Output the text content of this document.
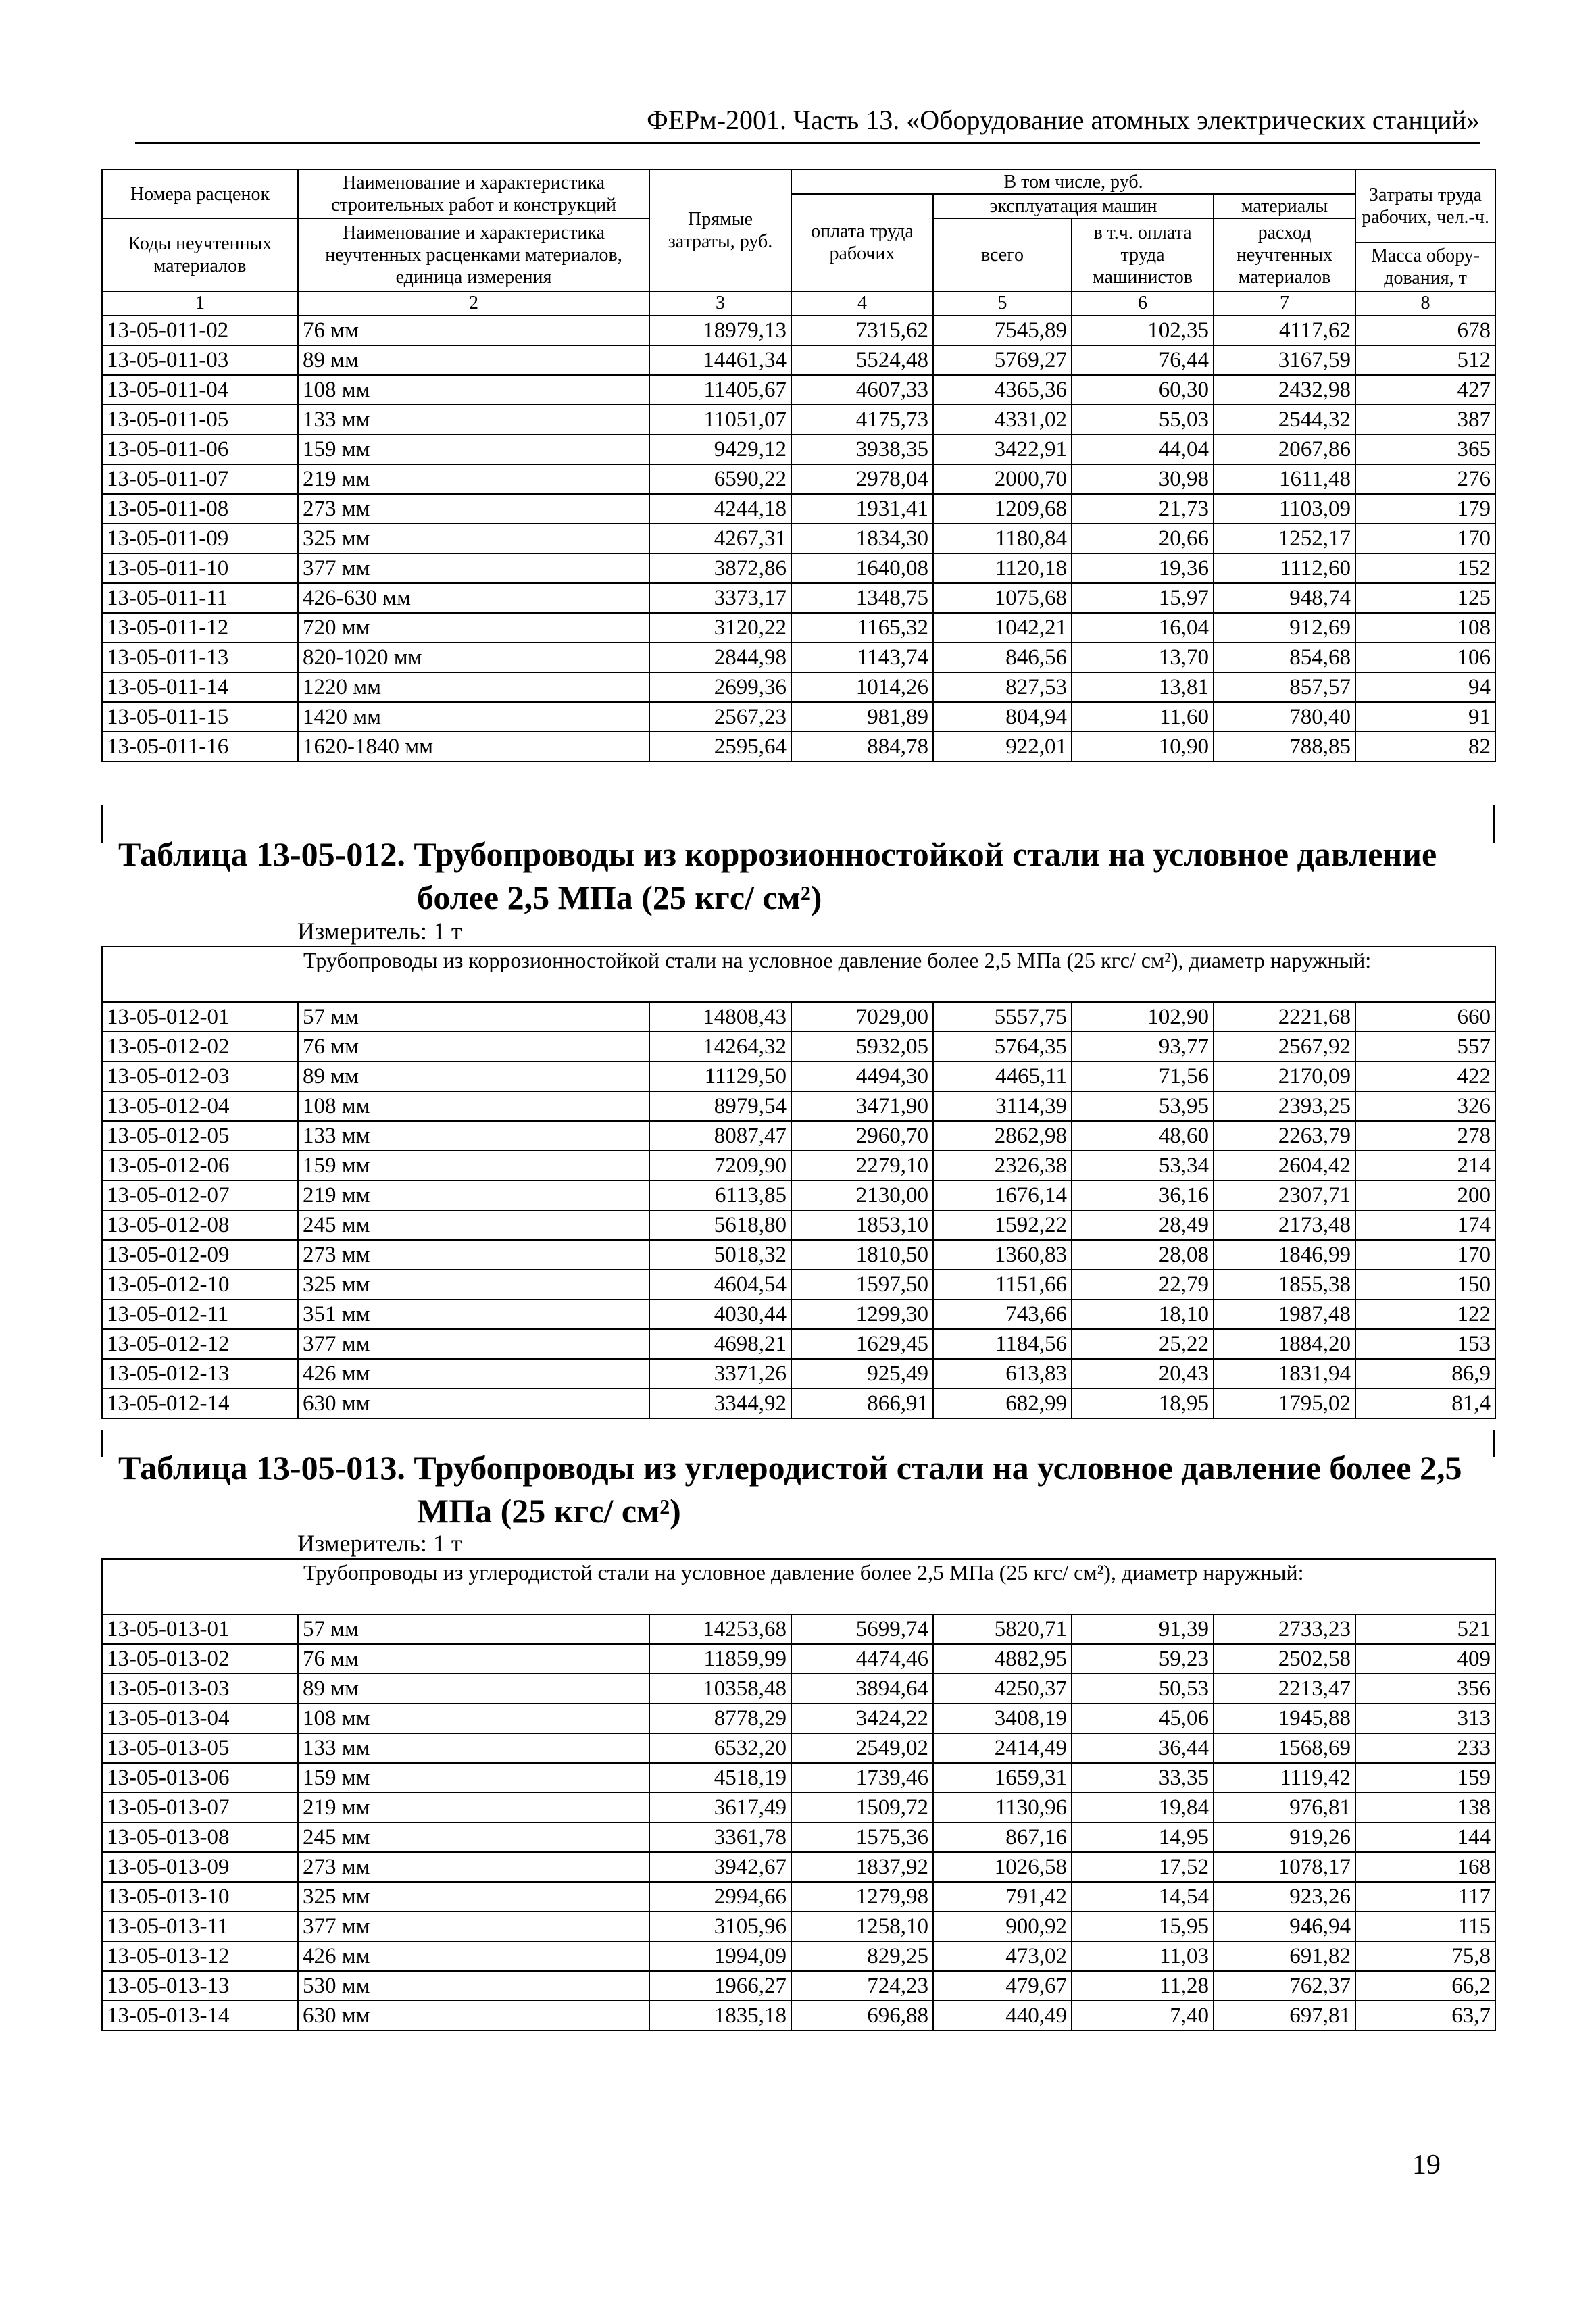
ФЕРм-2001. Часть 13. «Оборудование атомных электрических станций»
Номера расценок	Наименование и характеристика строительных работ и конструкций	Прямые затраты, руб.	В том числе, руб.				Затраты труда рабочих, чел.-ч.
			оплата труда рабочих	эксплуатация машин		материалы	
Коды неучтенных материалов	Наименование и характеристика неучтенных расценками материалов, единица измерения			всего	в т.ч. оплата труда машинистов	расход неучтенных материалов	
							Масса обору-дования, т
1	2	3	4	5	6	7	8
13-05-011-02	76 мм	18979,13	7315,62	7545,89	102,35	4117,62	678
13-05-011-03	89 мм	14461,34	5524,48	5769,27	76,44	3167,59	512
13-05-011-04	108 мм	11405,67	4607,33	4365,36	60,30	2432,98	427
13-05-011-05	133 мм	11051,07	4175,73	4331,02	55,03	2544,32	387
13-05-011-06	159 мм	9429,12	3938,35	3422,91	44,04	2067,86	365
13-05-011-07	219 мм	6590,22	2978,04	2000,70	30,98	1611,48	276
13-05-011-08	273 мм	4244,18	1931,41	1209,68	21,73	1103,09	179
13-05-011-09	325 мм	4267,31	1834,30	1180,84	20,66	1252,17	170
13-05-011-10	377 мм	3872,86	1640,08	1120,18	19,36	1112,60	152
13-05-011-11	426-630 мм	3373,17	1348,75	1075,68	15,97	948,74	125
13-05-011-12	720 мм	3120,22	1165,32	1042,21	16,04	912,69	108
13-05-011-13	820-1020 мм	2844,98	1143,74	846,56	13,70	854,68	106
13-05-011-14	1220 мм	2699,36	1014,26	827,53	13,81	857,57	94
13-05-011-15	1420 мм	2567,23	981,89	804,94	11,60	780,40	91
13-05-011-16	1620-1840 мм	2595,64	884,78	922,01	10,90	788,85	82
Таблица 13-05-012. Трубопроводы из коррозионностойкой стали на условное давление
более 2,5 МПа (25 кгс/ см²)
Измеритель: 1 т
	Трубопроводы из коррозионностойкой стали на условное давление более 2,5 МПа (25 кгс/ см²), диаметр наружный:						
13-05-012-01	57 мм	14808,43	7029,00	5557,75	102,90	2221,68	660
13-05-012-02	76 мм	14264,32	5932,05	5764,35	93,77	2567,92	557
13-05-012-03	89 мм	11129,50	4494,30	4465,11	71,56	2170,09	422
13-05-012-04	108 мм	8979,54	3471,90	3114,39	53,95	2393,25	326
13-05-012-05	133 мм	8087,47	2960,70	2862,98	48,60	2263,79	278
13-05-012-06	159 мм	7209,90	2279,10	2326,38	53,34	2604,42	214
13-05-012-07	219 мм	6113,85	2130,00	1676,14	36,16	2307,71	200
13-05-012-08	245 мм	5618,80	1853,10	1592,22	28,49	2173,48	174
13-05-012-09	273 мм	5018,32	1810,50	1360,83	28,08	1846,99	170
13-05-012-10	325 мм	4604,54	1597,50	1151,66	22,79	1855,38	150
13-05-012-11	351 мм	4030,44	1299,30	743,66	18,10	1987,48	122
13-05-012-12	377 мм	4698,21	1629,45	1184,56	25,22	1884,20	153
13-05-012-13	426 мм	3371,26	925,49	613,83	20,43	1831,94	86,9
13-05-012-14	630 мм	3344,92	866,91	682,99	18,95	1795,02	81,4
Таблица 13-05-013. Трубопроводы из углеродистой стали на условное давление более 2,5
МПа (25 кгс/ см²)
Измеритель: 1 т
	Трубопроводы из углеродистой стали на условное давление более 2,5 МПа (25 кгс/ см²), диаметр наружный:						
13-05-013-01	57 мм	14253,68	5699,74	5820,71	91,39	2733,23	521
13-05-013-02	76 мм	11859,99	4474,46	4882,95	59,23	2502,58	409
13-05-013-03	89 мм	10358,48	3894,64	4250,37	50,53	2213,47	356
13-05-013-04	108 мм	8778,29	3424,22	3408,19	45,06	1945,88	313
13-05-013-05	133 мм	6532,20	2549,02	2414,49	36,44	1568,69	233
13-05-013-06	159 мм	4518,19	1739,46	1659,31	33,35	1119,42	159
13-05-013-07	219 мм	3617,49	1509,72	1130,96	19,84	976,81	138
13-05-013-08	245 мм	3361,78	1575,36	867,16	14,95	919,26	144
13-05-013-09	273 мм	3942,67	1837,92	1026,58	17,52	1078,17	168
13-05-013-10	325 мм	2994,66	1279,98	791,42	14,54	923,26	117
13-05-013-11	377 мм	3105,96	1258,10	900,92	15,95	946,94	115
13-05-013-12	426 мм	1994,09	829,25	473,02	11,03	691,82	75,8
13-05-013-13	530 мм	1966,27	724,23	479,67	11,28	762,37	66,2
13-05-013-14	630 мм	1835,18	696,88	440,49	7,40	697,81	63,7
19
